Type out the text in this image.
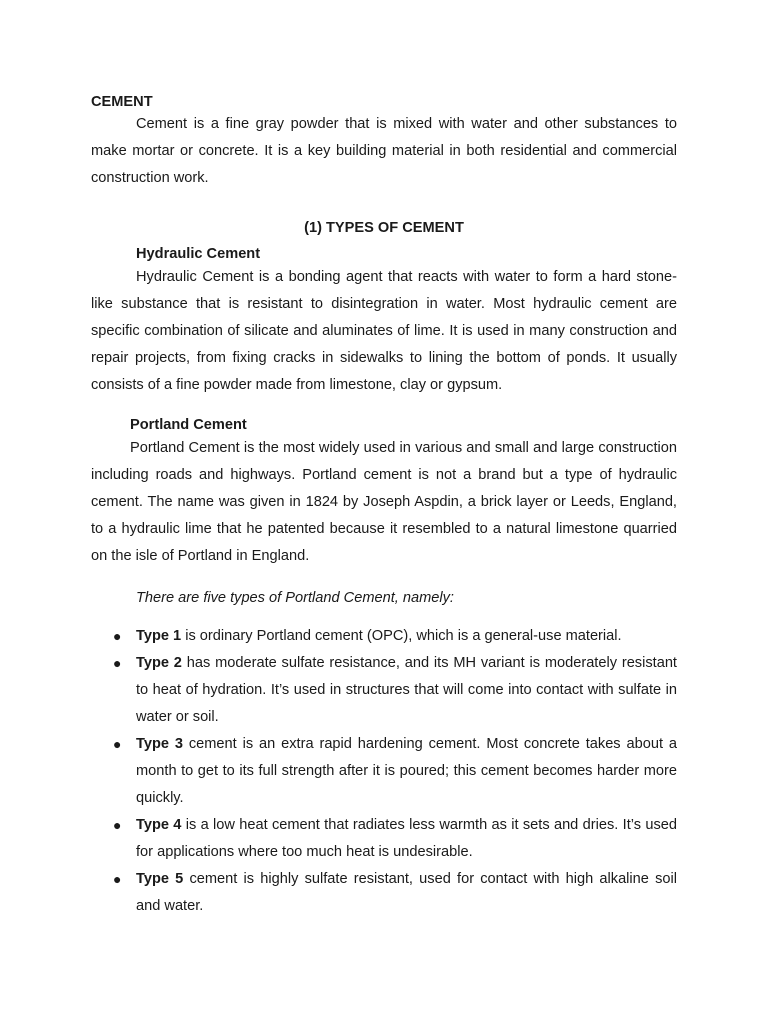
CEMENT

Cement is a fine gray powder that is mixed with water and other substances to make mortar or concrete. It is a key building material in both residential and commercial construction work.

(1) TYPES OF CEMENT
Hydraulic Cement

Hydraulic Cement is a bonding agent that reacts with water to form a hard stone-like substance that is resistant to disintegration in water. Most hydraulic cement are specific combination of silicate and aluminates of lime. It is used in many construction and repair projects, from fixing cracks in sidewalks to lining the bottom of ponds. It usually consists of a fine powder made from limestone, clay or gypsum.

Portland Cement

Portland Cement is the most widely used in various and small and large construction including roads and highways. Portland cement is not a brand but a type of hydraulic cement. The name was given in 1824 by Joseph Aspdin, a brick layer or Leeds, England, to a hydraulic lime that he patented because it resembled to a natural limestone quarried on the isle of Portland in England.

There are five types of Portland Cement, namely:

● Type 1 is ordinary Portland cement (OPC), which is a general-use material.
● Type 2 has moderate sulfate resistance, and its MH variant is moderately resistant to heat of hydration. It’s used in structures that will come into contact with sulfate in water or soil.
● Type 3 cement is an extra rapid hardening cement. Most concrete takes about a month to get to its full strength after it is poured; this cement becomes harder more quickly.
● Type 4 is a low heat cement that radiates less warmth as it sets and dries. It’s used for applications where too much heat is undesirable.
● Type 5 cement is highly sulfate resistant, used for contact with high alkaline soil and water.
